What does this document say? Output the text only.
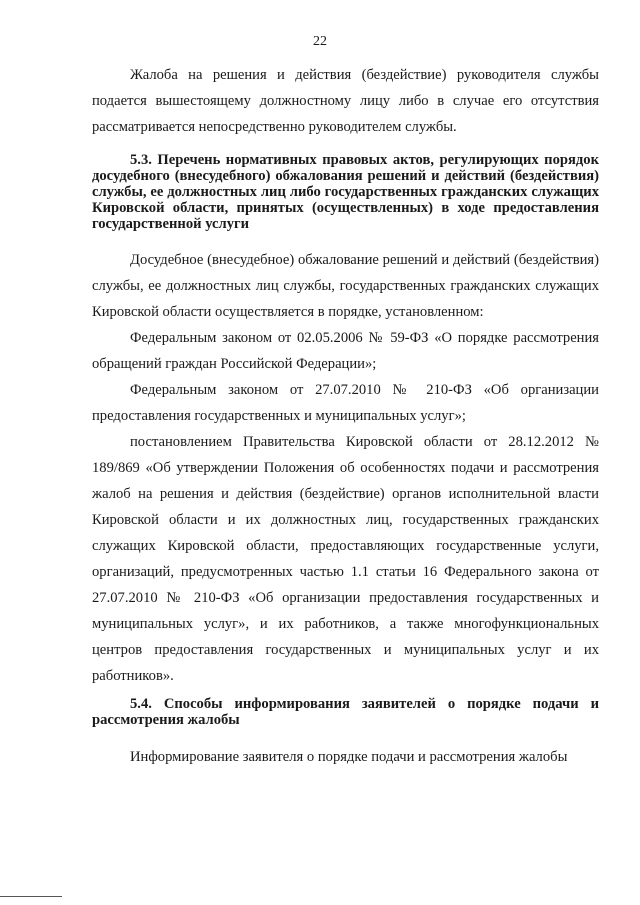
22

Жалоба на решения и действия (бездействие) руководителя службы подается вышестоящему должностному лицу либо в случае его отсутствия рассматривается непосредственно руководителем службы.

5.3. Перечень нормативных правовых актов, регулирующих порядок досудебного (внесудебного) обжалования решений и действий (бездействия) службы, ее должностных лиц либо государственных гражданских служащих Кировской области, принятых (осуществленных) в ходе предоставления государственной услуги

Досудебное (внесудебное) обжалование решений и действий (бездействия) службы, ее должностных лиц службы, государственных гражданских служащих Кировской области осуществляется в порядке, установленном:

Федеральным законом от 02.05.2006 № 59-ФЗ «О порядке рассмотрения обращений граждан Российской Федерации»;

Федеральным законом от 27.07.2010 № 210-ФЗ «Об организации предоставления государственных и муниципальных услуг»;

постановлением Правительства Кировской области от 28.12.2012 № 189/869 «Об утверждении Положения об особенностях подачи и рассмотрения жалоб на решения и действия (бездействие) органов исполнительной власти Кировской области и их должностных лиц, государственных гражданских служащих Кировской области, предоставляющих государственные услуги, организаций, предусмотренных частью 1.1 статьи 16 Федерального закона от 27.07.2010 № 210-ФЗ «Об организации предоставления государственных и муниципальных услуг», и их работников, а также многофункциональных центров предоставления государственных и муниципальных услуг и их работников».

5.4. Способы информирования заявителей о порядке подачи и рассмотрения жалобы

Информирование заявителя о порядке подачи и рассмотрения жалобы
